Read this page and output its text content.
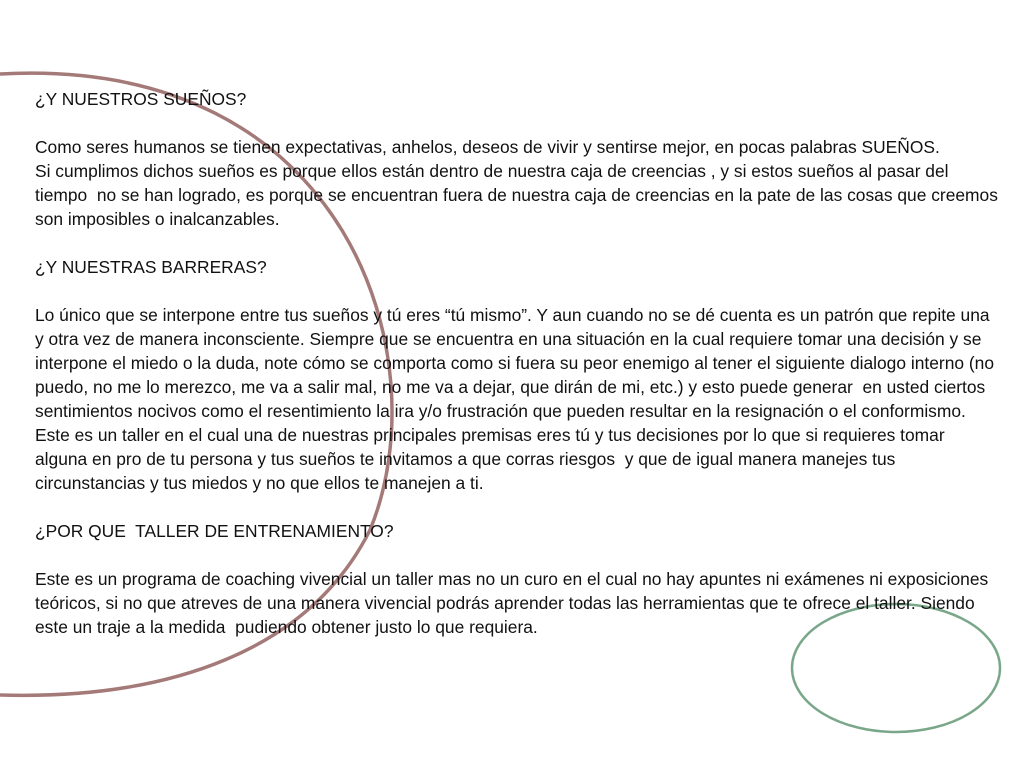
¿Y NUESTROS SUEÑOS?

Como seres humanos se tienen expectativas, anhelos, deseos de vivir y sentirse mejor, en pocas palabras SUEÑOS.

Si cumplimos dichos sueños es porque ellos están dentro de nuestra caja de creencias , y si estos sueños al pasar del tiempo  no se han logrado, es porque se encuentran fuera de nuestra caja de creencias en la pate de las cosas que creemos son imposibles o inalcanzables.

¿Y NUESTRAS BARRERAS?

Lo único que se interpone entre tus sueños y tú eres “tú mismo”. Y aun cuando no se dé cuenta es un patrón que repite una y otra vez de manera inconsciente. Siempre que se encuentra en una situación en la cual requiere tomar una decisión y se interpone el miedo o la duda, note cómo se comporta como si fuera su peor enemigo al tener el siguiente dialogo interno (no puedo, no me lo merezco, me va a salir mal, no me va a dejar, que dirán de mi, etc.) y esto puede generar  en usted ciertos sentimientos nocivos como el resentimiento la ira y/o frustración que pueden resultar en la resignación o el conformismo.

Este es un taller en el cual una de nuestras principales premisas eres tú y tus decisiones por lo que si requieres tomar alguna en pro de tu persona y tus sueños te invitamos a que corras riesgos  y que de igual manera manejes tus circunstancias y tus miedos y no que ellos te manejen a ti.

¿POR QUE  TALLER DE ENTRENAMIENTO?

Este es un programa de coaching vivencial un taller mas no un curo en el cual no hay apuntes ni exámenes ni exposiciones teóricos, si no que atreves de una manera vivencial podrás aprender todas las herramientas que te ofrece el taller. Siendo este un traje a la medida  pudiendo obtener justo lo que requiera.
